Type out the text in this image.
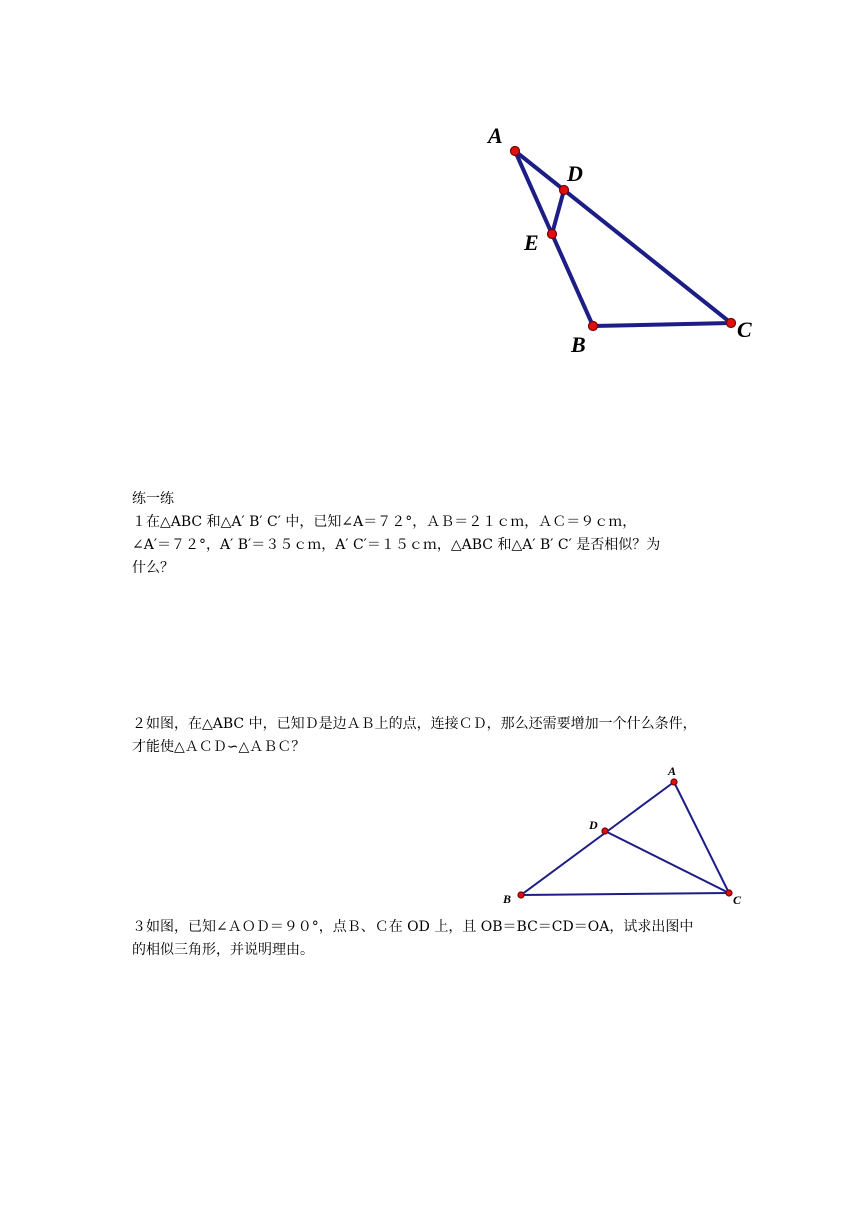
A
D
E
B
C

练一练

１在△ABC 和△A′ B′ C′ 中，已知∠A＝７２°，ＡＢ＝２１ｃｍ，ＡＣ＝９ｃｍ，

∠A′＝７２°，A′ B′＝３５ｃｍ，A′ C′＝１５ｃｍ，△ABC 和△A′ B′ C′ 是否相似？为

什么？

２如图，在△ABC 中，已知Ｄ是边ＡＢ上的点，连接ＣＤ，那么还需要增加一个什么条件，

才能使△ＡＣＤ∽△ＡＢＣ？

A
D
B	C

３如图，已知∠ＡＯＤ＝９０°，点Ｂ、Ｃ在 OD 上，且 OB＝BC＝CD＝OA，试求出图中

的相似三角形，并说明理由。
